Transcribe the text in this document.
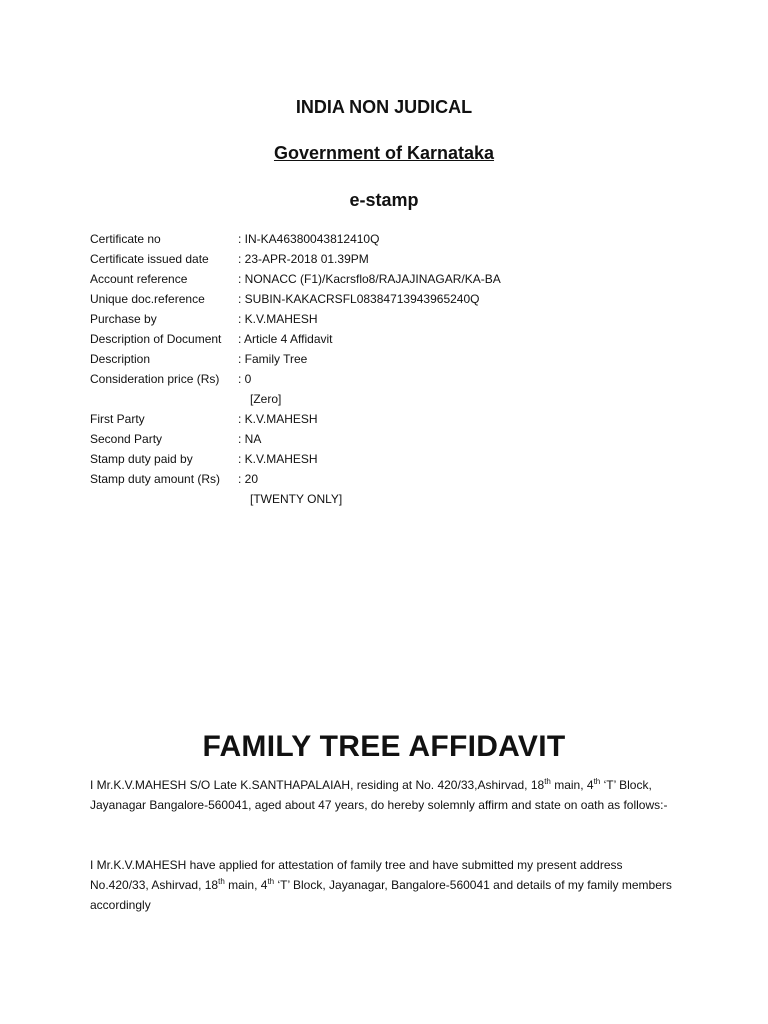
INDIA NON JUDICAL
Government of Karnataka
e-stamp
Certificate no	: IN-KA46380043812410Q
Certificate issued date : 23-APR-2018 01.39PM
Account reference	: NONACC (F1)/Kacrsflo8/RAJAJINAGAR/KA-BA
Unique doc.reference	: SUBIN-KAKACRSFL08384713943965240Q
Purchase by	: K.V.MAHESH
Description of Document : Article 4 Affidavit
Description	: Family Tree
Consideration price (Rs) : 0
[Zero]
First Party	: K.V.MAHESH
Second Party	: NA
Stamp duty paid by	: K.V.MAHESH
Stamp duty amount (Rs) : 20
[TWENTY ONLY]
FAMILY TREE AFFIDAVIT
I Mr.K.V.MAHESH S/O Late K.SANTHAPALAIAH, residing at No. 420/33,Ashirvad, 18th main, 4th ‘T’ Block, Jayanagar Bangalore-560041, aged about 47 years, do hereby solemnly affirm and state on oath as follows:-
I Mr.K.V.MAHESH have applied for attestation of family tree and have submitted my present address No.420/33, Ashirvad, 18th main, 4th ‘T’ Block, Jayanagar, Bangalore-560041 and details of my family members accordingly
